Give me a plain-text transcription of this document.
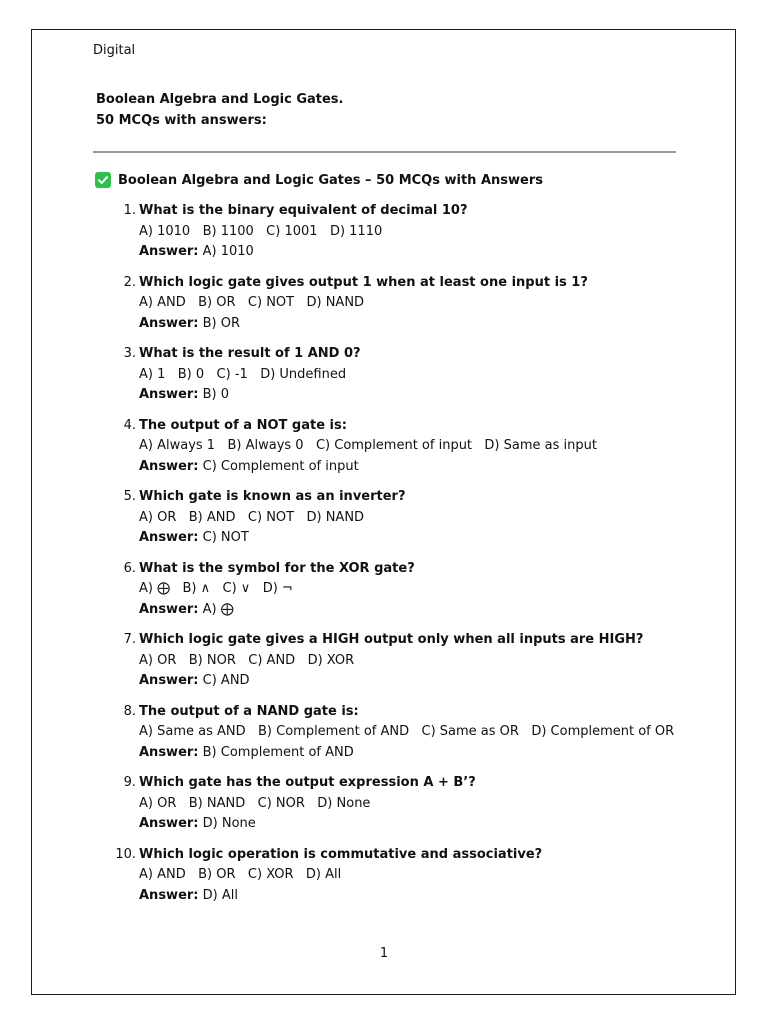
Digital
Boolean Algebra and Logic Gates.
50 MCQs with answers:
Boolean Algebra and Logic Gates – 50 MCQs with Answers
1. What is the binary equivalent of decimal 10?
A) 1010   B) 1100   C) 1001   D) 1110
Answer: A) 1010
2. Which logic gate gives output 1 when at least one input is 1?
A) AND   B) OR   C) NOT   D) NAND
Answer: B) OR
3. What is the result of 1 AND 0?
A) 1   B) 0   C) -1   D) Undefined
Answer: B) 0
4. The output of a NOT gate is:
A) Always 1   B) Always 0   C) Complement of input   D) Same as input
Answer: C) Complement of input
5. Which gate is known as an inverter?
A) OR   B) AND   C) NOT   D) NAND
Answer: C) NOT
6. What is the symbol for the XOR gate?
A) ⨁   B) ∧   C) ∨   D) ¬
Answer: A) ⨁
7. Which logic gate gives a HIGH output only when all inputs are HIGH?
A) OR   B) NOR   C) AND   D) XOR
Answer: C) AND
8. The output of a NAND gate is:
A) Same as AND   B) Complement of AND   C) Same as OR   D) Complement of OR
Answer: B) Complement of AND
9. Which gate has the output expression A + B’?
A) OR   B) NAND   C) NOR   D) None
Answer: D) None
10. Which logic operation is commutative and associative?
A) AND   B) OR   C) XOR   D) All
Answer: D) All
1
